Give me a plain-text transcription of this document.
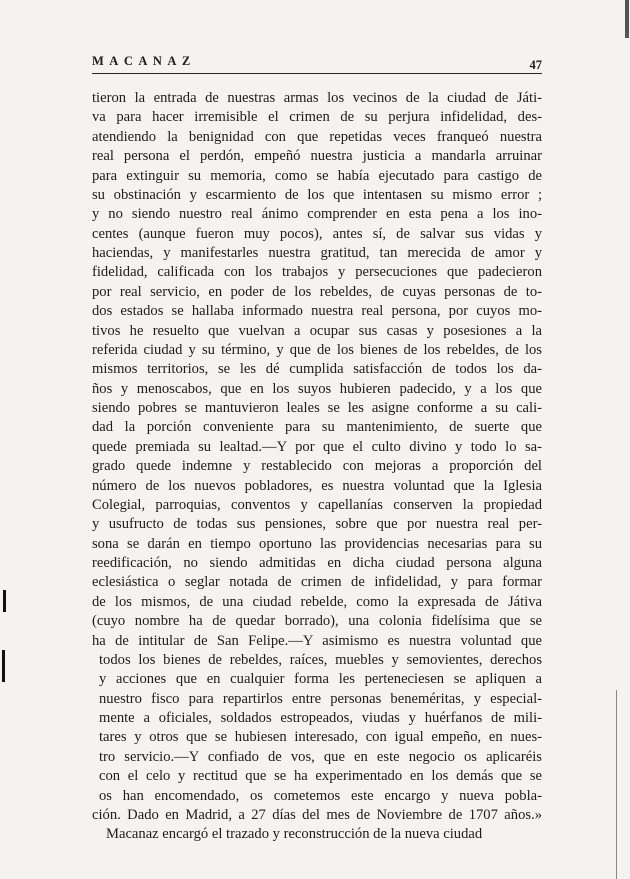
MACANAZ	47
tieron la entrada de nuestras armas los vecinos de la ciudad de Játi-
va para hacer irremisible el crimen de su perjura infidelidad, des-
atendiendo la benignidad con que repetidas veces franqueó nuestra
real persona el perdón, empeñó nuestra justicia a mandarla arruinar
para extinguir su memoria, como se había ejecutado para castigo de
su obstinación y escarmiento de los que intentasen su mismo error ;
y no siendo nuestro real ánimo comprender en esta pena a los ino-
centes (aunque fueron muy pocos), antes sí, de salvar sus vidas y
haciendas, y manifestarles nuestra gratitud, tan merecida de amor y
fidelidad, calificada con los trabajos y persecuciones que padecieron
por real servicio, en poder de los rebeldes, de cuyas personas de to-
dos estados se hallaba informado nuestra real persona, por cuyos mo-
tivos he resuelto que vuelvan a ocupar sus casas y posesiones a la
referida ciudad y su término, y que de los bienes de los rebeldes, de los
mismos territorios, se les dé cumplida satisfacción de todos los da-
ños y menoscabos, que en los suyos hubieren padecido, y a los que
siendo pobres se mantuvieron leales se les asigne conforme a su cali-
dad la porción conveniente para su mantenimiento, de suerte que
quede premiada su lealtad.—Y por que el culto divino y todo lo sa-
grado quede indemne y restablecido con mejoras a proporción del
número de los nuevos pobladores, es nuestra voluntad que la Iglesia
Colegial, parroquias, conventos y capellanías conserven la propiedad
y usufructo de todas sus pensiones, sobre que por nuestra real per-
sona se darán en tiempo oportuno las providencias necesarias para su
reedificación, no siendo admitidas en dicha ciudad persona alguna
eclesiástica o seglar notada de crimen de infidelidad, y para formar
de los mismos, de una ciudad rebelde, como la expresada de Játiva
(cuyo nombre ha de quedar borrado), una colonia fidelísima que se
ha de intitular de San Felipe.—Y asimismo es nuestra voluntad que
todos los bienes de rebeldes, raíces, muebles y semovientes, derechos
y acciones que en cualquier forma les perteneciesen se apliquen a
nuestro fisco para repartirlos entre personas beneméritas, y especial-
mente a oficiales, soldados estropeados, viudas y huérfanos de mili-
tares y otros que se hubiesen interesado, con igual empeño, en nues-
tro servicio.—Y confiado de vos, que en este negocio os aplicaréis
con el celo y rectitud que se ha experimentado en los demás que se
os han encomendado, os cometemos este encargo y nueva pobla-
ción. Dado en Madrid, a 27 días del mes de Noviembre de 1707 años.»
Macanaz encargó el trazado y reconstrucción de la nueva ciudad
